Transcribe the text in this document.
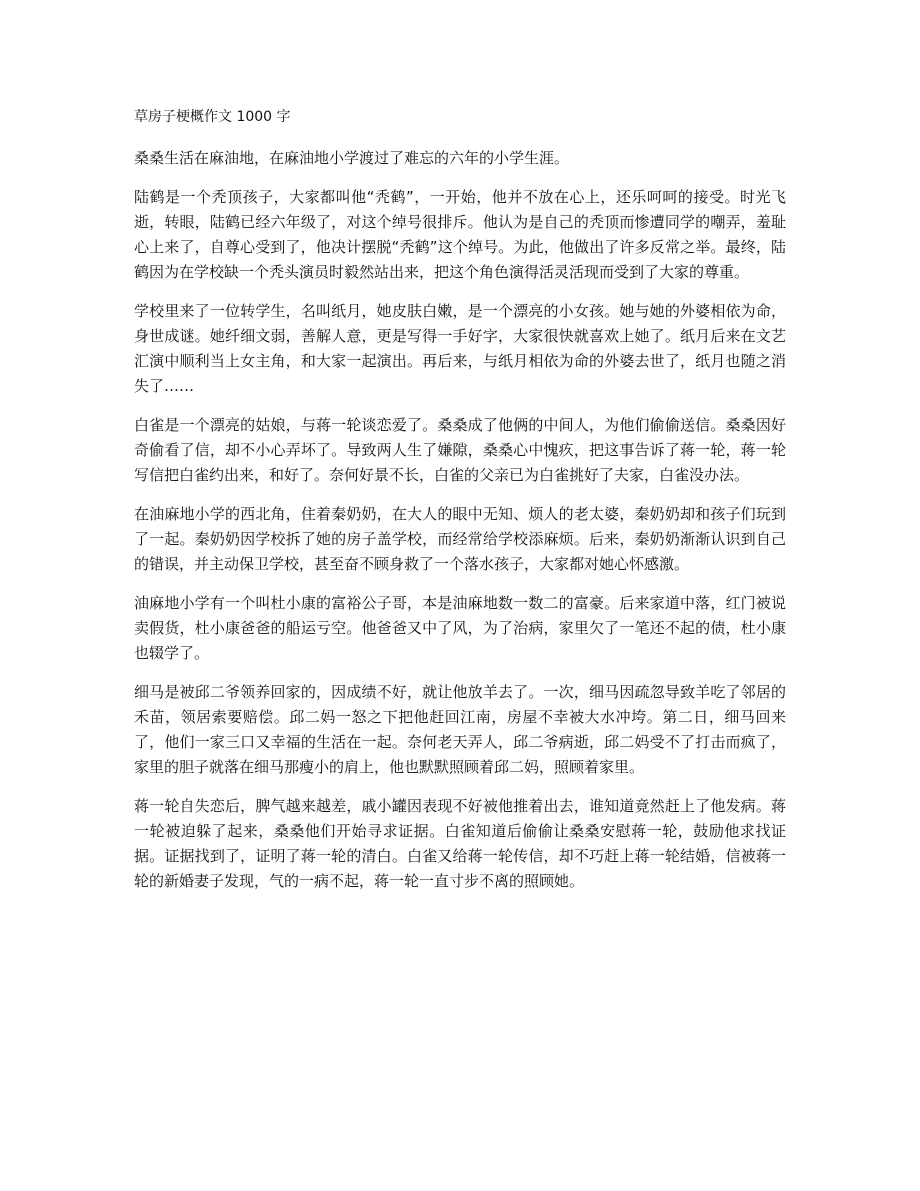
草房子梗概作文 1000 字

桑桑生活在麻油地，在麻油地小学渡过了难忘的六年的小学生涯。

陆鹤是一个秃顶孩子，大家都叫他“秃鹤”，一开始，他并不放在心上，还乐呵呵的接受。时光飞逝，转眼，陆鹤已经六年级了，对这个绰号很排斥。他认为是自己的秃顶而惨遭同学的嘲弄，羞耻心上来了，自尊心受到了，他决计摆脱“秃鹤”这个绰号。为此，他做出了许多反常之举。最终，陆鹤因为在学校缺一个秃头演员时毅然站出来，把这个角色演得活灵活现而受到了大家的尊重。

学校里来了一位转学生，名叫纸月，她皮肤白嫩，是一个漂亮的小女孩。她与她的外婆相依为命，身世成谜。她纤细文弱，善解人意，更是写得一手好字，大家很快就喜欢上她了。纸月后来在文艺汇演中顺利当上女主角，和大家一起演出。再后来，与纸月相依为命的外婆去世了，纸月也随之消失了……

白雀是一个漂亮的姑娘，与蒋一轮谈恋爱了。桑桑成了他俩的中间人，为他们偷偷送信。桑桑因好奇偷看了信，却不小心弄坏了。导致两人生了嫌隙，桑桑心中愧疚，把这事告诉了蒋一轮，蒋一轮写信把白雀约出来，和好了。奈何好景不长，白雀的父亲已为白雀挑好了夫家，白雀没办法。

在油麻地小学的西北角，住着秦奶奶，在大人的眼中无知、烦人的老太婆，秦奶奶却和孩子们玩到了一起。秦奶奶因学校拆了她的房子盖学校，而经常给学校添麻烦。后来，秦奶奶渐渐认识到自己的错误，并主动保卫学校，甚至奋不顾身救了一个落水孩子，大家都对她心怀感激。

油麻地小学有一个叫杜小康的富裕公子哥，本是油麻地数一数二的富豪。后来家道中落，红门被说卖假货，杜小康爸爸的船运亏空。他爸爸又中了风，为了治病，家里欠了一笔还不起的债，杜小康也辍学了。

细马是被邱二爷领养回家的，因成绩不好，就让他放羊去了。一次，细马因疏忽导致羊吃了邻居的禾苗，领居索要赔偿。邱二妈一怒之下把他赶回江南，房屋不幸被大水冲垮。第二日，细马回来了，他们一家三口又幸福的生活在一起。奈何老天弄人，邱二爷病逝，邱二妈受不了打击而疯了，家里的胆子就落在细马那瘦小的肩上，他也默默照顾着邱二妈，照顾着家里。

蒋一轮自失恋后，脾气越来越差，戚小罐因表现不好被他推着出去，谁知道竟然赶上了他发病。蒋一轮被迫躲了起来，桑桑他们开始寻求证据。白雀知道后偷偷让桑桑安慰蒋一轮，鼓励他求找证据。证据找到了，证明了蒋一轮的清白。白雀又给蒋一轮传信，却不巧赶上蒋一轮结婚，信被蒋一轮的新婚妻子发现，气的一病不起，蒋一轮一直寸步不离的照顾她。
